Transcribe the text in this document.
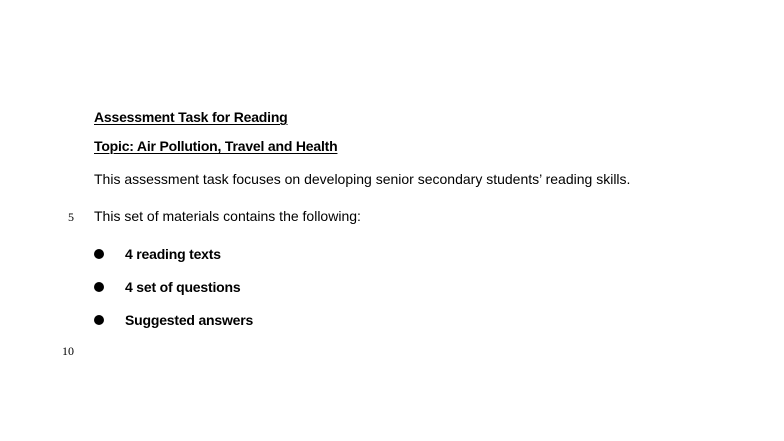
Assessment Task for Reading
Topic: Air Pollution, Travel and Health
This assessment task focuses on developing senior secondary students’ reading skills.
5 This set of materials contains the following:
4 reading texts
4 set of questions
Suggested answers
10
